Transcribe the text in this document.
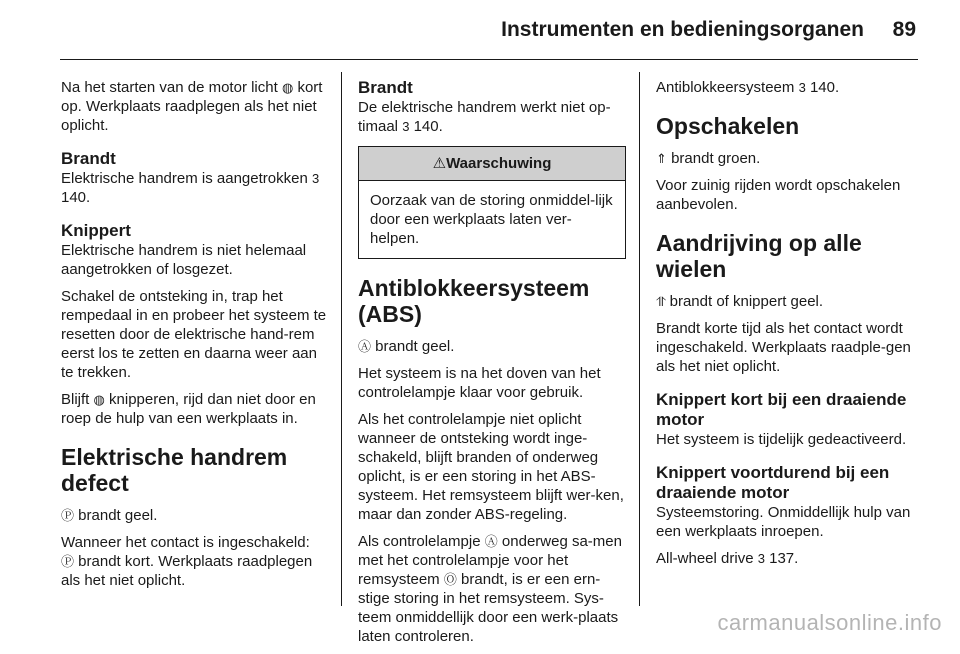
Instrumenten en bedieningsorganen 89

Na het starten van de motor licht ◍ kort op. Werkplaats raadplegen als het niet oplicht.

Brandt

Elektrische handrem is aangetrokken 3 140.

Knippert

Elektrische handrem is niet helemaal aangetrokken of losgezet.

Schakel de ontsteking in, trap het rempedaal in en probeer het systeem te resetten door de elektrische hand-rem eerst los te zetten en daarna weer aan te trekken.

Blijft ◍ knipperen, rijd dan niet door en roep de hulp van een werkplaats in.

Elektrische handrem defect

Ⓟ brandt geel.

Wanneer het contact is ingeschakeld:
Ⓟ brandt kort. Werkplaats raadplegen als het niet oplicht.

Brandt

De elektrische handrem werkt niet op-timaal 3 140.

⚠Waarschuwing
Oorzaak van de storing onmiddel-lijk door een werkplaats laten ver-helpen.
Antiblokkeersysteem (ABS)

Ⓐ brandt geel.

Het systeem is na het doven van het controlelampje klaar voor gebruik.

Als het controlelampje niet oplicht wanneer de ontsteking wordt inge-schakeld, blijft branden of onderweg oplicht, is er een storing in het ABS-systeem. Het remsysteem blijft wer-ken, maar dan zonder ABS-regeling.

Als controlelampje Ⓐ onderweg sa-men met het controlelampje voor het remsysteem Ⓞ brandt, is er een ern-stige storing in het remsysteem. Sys-teem onmiddellijk door een werk-plaats laten controleren.

Antiblokkeersysteem 3 140.

Opschakelen

⇑ brandt groen.

Voor zuinig rijden wordt opschakelen aanbevolen.

Aandrijving op alle wielen

⥣ brandt of knippert geel.

Brandt korte tijd als het contact wordt ingeschakeld. Werkplaats raadple-gen als het niet oplicht.

Knippert kort bij een draaiende motor

Het systeem is tijdelijk gedeactiveerd.

Knippert voortdurend bij een draaiende motor

Systeemstoring. Onmiddellijk hulp van een werkplaats inroepen.

All-wheel drive 3 137.

carmanualsonline.info
